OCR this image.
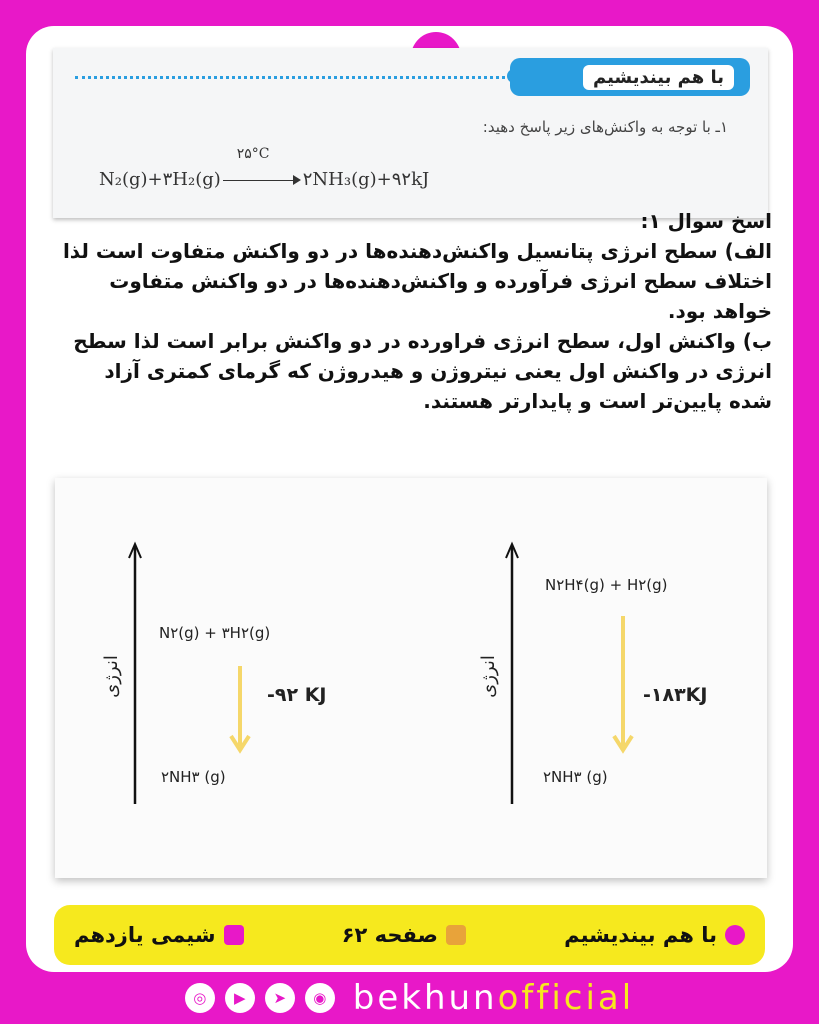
با هم بیندیشیم
۱ـ با توجه به واکنش‌های زیر پاسخ دهید:
N₂(g)+۳H₂(g)
۲۵°C
۲NH₃(g)+۹۲kJ

اسخ سوال ۱:

الف) سطح انرژی پتانسیل واکنش‌دهنده‌ها در دو واکنش متفاوت است لذا اختلاف سطح انرژی فرآورده و واکنش‌دهنده‌ها در دو واکنش متفاوت خواهد بود.

ب) واکنش اول، سطح انرژی فراورده در دو واکنش برابر است لذا سطح انرژی در واکنش اول یعنی نیتروژن و هیدروژن که گرمای کمتری آزاد شده پایین‌تر است و پایدارتر هستند.

انرژی
N۲(g) + ۳H۲(g)
۲NH۳ (g)
-۹۲ KJ	انرژی
N۲H۴(g) + H۲(g)
۲NH۳ (g)
-۱۸۳KJ
با هم بیندیشیم
صفحه ۶۲
شیمی یازدهم
◎	▶	➤	◉ bekhunofficial
